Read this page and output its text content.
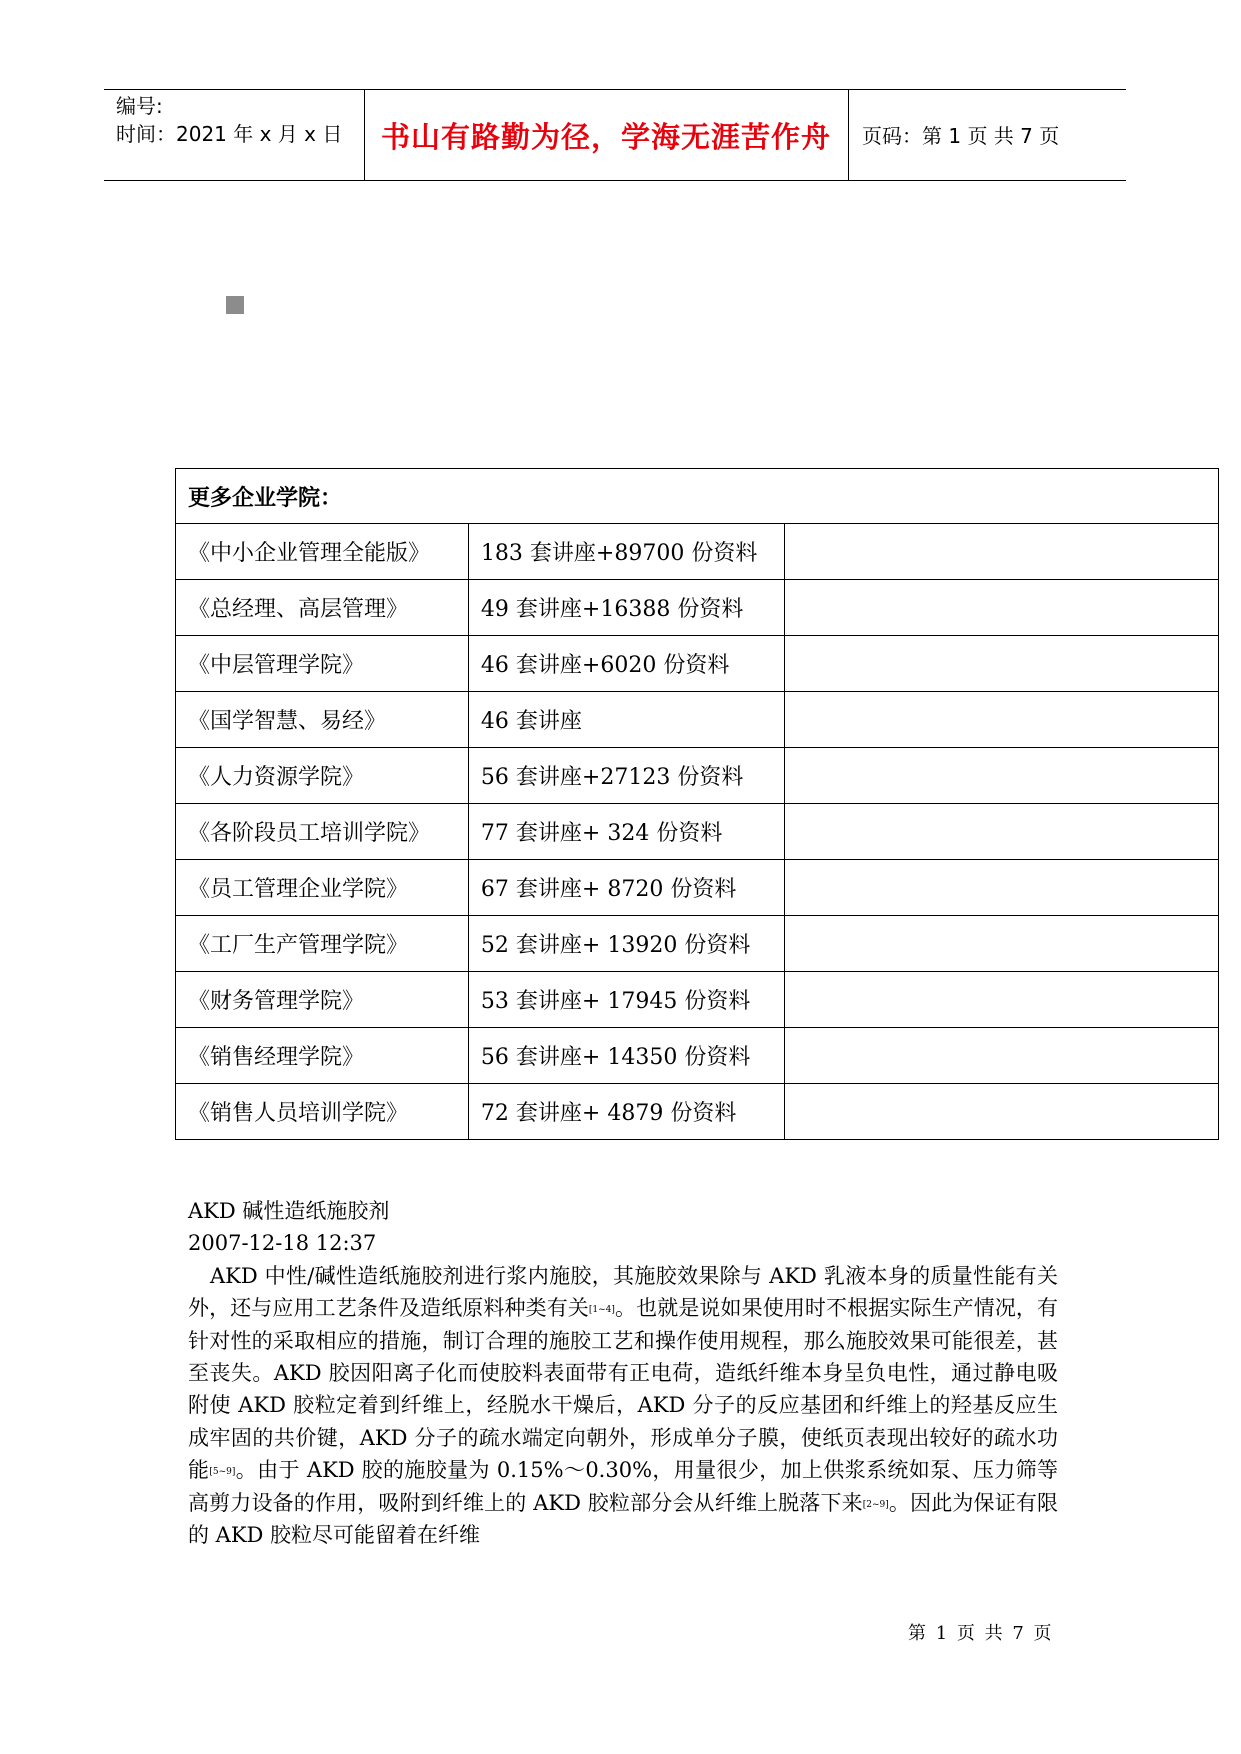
编号:
时间：2021 年 x 月 x 日	书山有路勤为径，学海无涯苦作舟	页码：第 1 页 共 7 页
更多企业学院：		
《中小企业管理全能版》	183 套讲座+89700 份资料	
《总经理、高层管理》	49 套讲座+16388 份资料	
《中层管理学院》	46 套讲座+6020 份资料	
《国学智慧、易经》	46 套讲座	
《人力资源学院》	56 套讲座+27123 份资料	
《各阶段员工培训学院》	77 套讲座+ 324 份资料	
《员工管理企业学院》	67 套讲座+ 8720 份资料	
《工厂生产管理学院》	52 套讲座+ 13920 份资料	
《财务管理学院》	53 套讲座+ 17945 份资料	
《销售经理学院》	56 套讲座+ 14350 份资料	
《销售人员培训学院》	72 套讲座+ 4879 份资料	

AKD 碱性造纸施胶剂

2007-12-18 12:37

AKD 中性/碱性造纸施胶剂进行浆内施胶，其施胶效果除与 AKD 乳液本身的质量性能有关外，还与应用工艺条件及造纸原料种类有关[1~4]。也就是说如果使用时不根据实际生产情况，有针对性的采取相应的措施，制订合理的施胶工艺和操作使用规程，那么施胶效果可能很差，甚至丧失。AKD 胶因阳离子化而使胶料表面带有正电荷，造纸纤维本身呈负电性，通过静电吸附使 AKD 胶粒定着到纤维上，经脱水干燥后，AKD 分子的反应基团和纤维上的羟基反应生成牢固的共价键，AKD 分子的疏水端定向朝外，形成单分子膜，使纸页表现出较好的疏水功能[5~9]。由于 AKD 胶的施胶量为 0.15%～0.30%，用量很少，加上供浆系统如泵、压力筛等高剪力设备的作用，吸附到纤维上的 AKD 胶粒部分会从纤维上脱落下来[2~9]。因此为保证有限的 AKD 胶粒尽可能留着在纤维

第 1 页 共 7 页
